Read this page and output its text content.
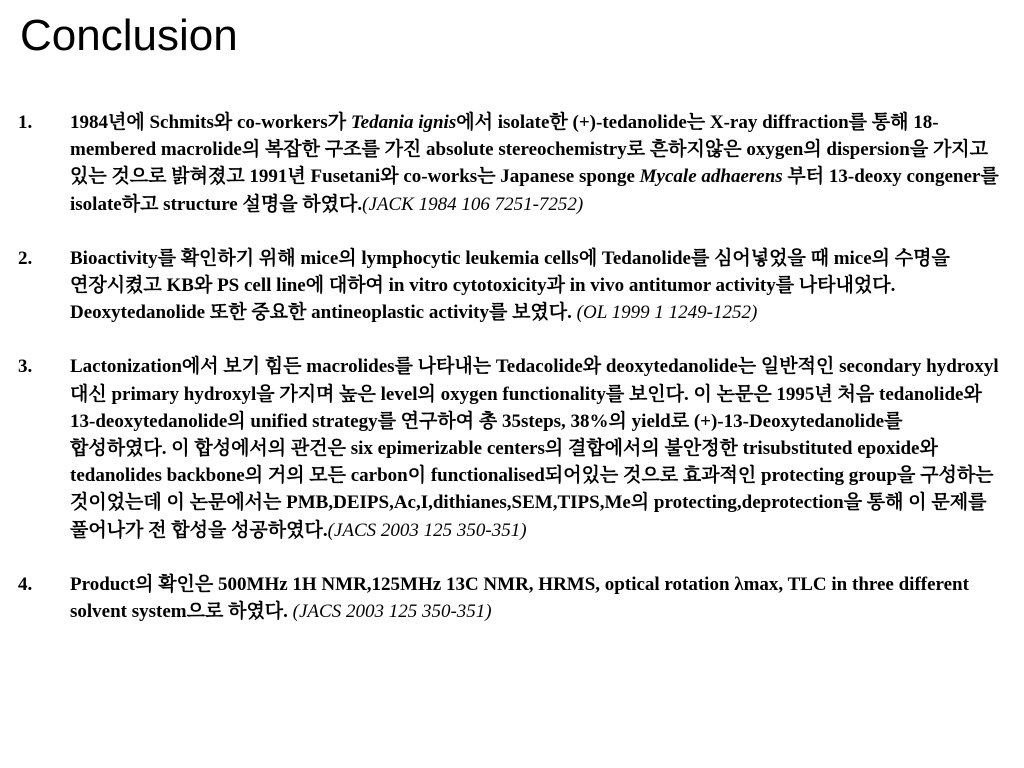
Conclusion
1. 1984년에 Schmits와 co-workers가 Tedania ignis에서 isolate한 (+)-tedanolide는 X-ray diffraction를 통해 18-membered macrolide의 복잡한 구조를 가진 absolute stereochemistry로 흔하지않은 oxygen의 dispersion을 가지고 있는 것으로 밝혀졌고 1991년 Fusetani와 co-works는 Japanese sponge Mycale adhaerens 부터 13-deoxy congener를 isolate하고 structure 설명을 하였다.(JACK 1984 106 7251-7252)
2. Bioactivity를 확인하기 위해 mice의 lymphocytic leukemia cells에 Tedanolide를 심어넣었을 때 mice의 수명을 연장시켰고 KB와 PS cell line에 대하여 in vitro cytotoxicity과 in vivo antitumor activity를 나타내었다. Deoxytedanolide 또한 중요한 antineoplastic activity를 보였다. (OL 1999 1 1249-1252)
3. Lactonization에서 보기 힘든 macrolides를 나타내는 Tedacolide와 deoxytedanolide는 일반적인 secondary hydroxyl 대신 primary hydroxyl을 가지며 높은 level의 oxygen functionality를 보인다. 이 논문은 1995년 처음 tedanolide와 13-deoxytedanolide의 unified strategy를 연구하여 총 35steps, 38%의 yield로 (+)-13-Deoxytedanolide를 합성하였다. 이 합성에서의 관건은 six epimerizable centers의 결합에서의 불안정한 trisubstituted epoxide와 tedanolides backbone의 거의 모든 carbon이 functionalised되어있는 것으로 효과적인 protecting group을 구성하는 것이었는데 이 논문에서는 PMB,DEIPS,Ac,I,dithianes,SEM,TIPS,Me의 protecting,deprotection을 통해 이 문제를 풀어나가 전 합성을 성공하였다.(JACS 2003 125 350-351)
4. Product의 확인은 500MHz 1H NMR,125MHz 13C NMR, HRMS, optical rotation λmax, TLC in three different solvent system으로 하였다. (JACS 2003 125 350-351)
